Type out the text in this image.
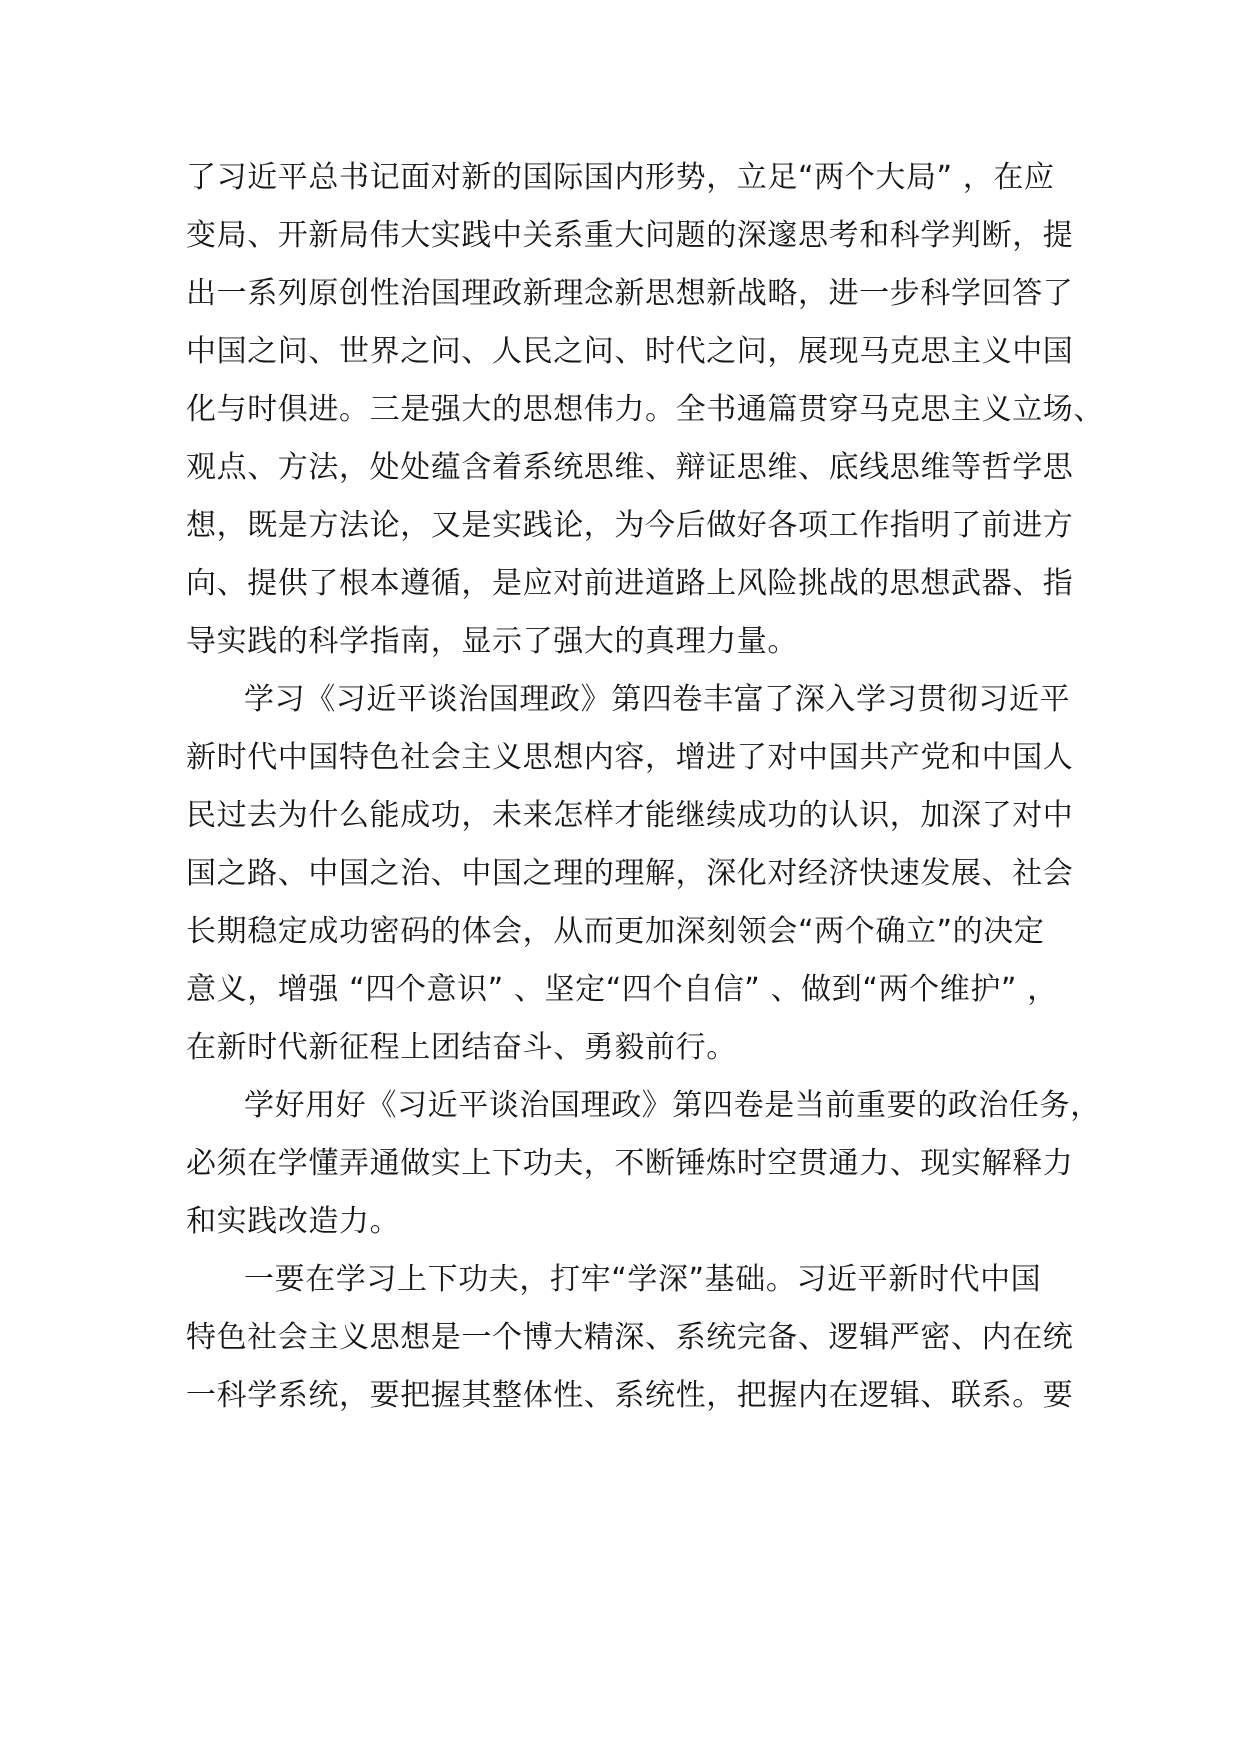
了习近平总书记面对新的国际国内形势，立足“两个大局” ，在应
变局、开新局伟大实践中关系重大问题的深邃思考和科学判断，提
出一系列原创性治国理政新理念新思想新战略，进一步科学回答了
中国之问、世界之问、人民之问、时代之问，展现马克思主义中国
化与时俱进。三是强大的思想伟力。全书通篇贯穿马克思主义立场、
观点、方法，处处蕴含着系统思维、辩证思维、底线思维等哲学思
想，既是方法论，又是实践论，为今后做好各项工作指明了前进方
向、提供了根本遵循，是应对前进道路上风险挑战的思想武器、指
导实践的科学指南，显示了强大的真理力量。
学习《习近平谈治国理政》第四卷丰富了深入学习贯彻习近平
新时代中国特色社会主义思想内容，增进了对中国共产党和中国人
民过去为什么能成功，未来怎样才能继续成功的认识，加深了对中
国之路、中国之治、中国之理的理解，深化对经济快速发展、社会
长期稳定成功密码的体会，从而更加深刻领会“两个确立”的决定
意义，增强 “四个意识” 、坚定“四个自信” 、做到“两个维护” ，
在新时代新征程上团结奋斗、勇毅前行。
学好用好《习近平谈治国理政》第四卷是当前重要的政治任务，
必须在学懂弄通做实上下功夫，不断锤炼时空贯通力、现实解释力
和实践改造力。
一要在学习上下功夫，打牢“学深”基础。习近平新时代中国
特色社会主义思想是一个博大精深、系统完备、逻辑严密、内在统
一科学系统，要把握其整体性、系统性，把握内在逻辑、联系。要
